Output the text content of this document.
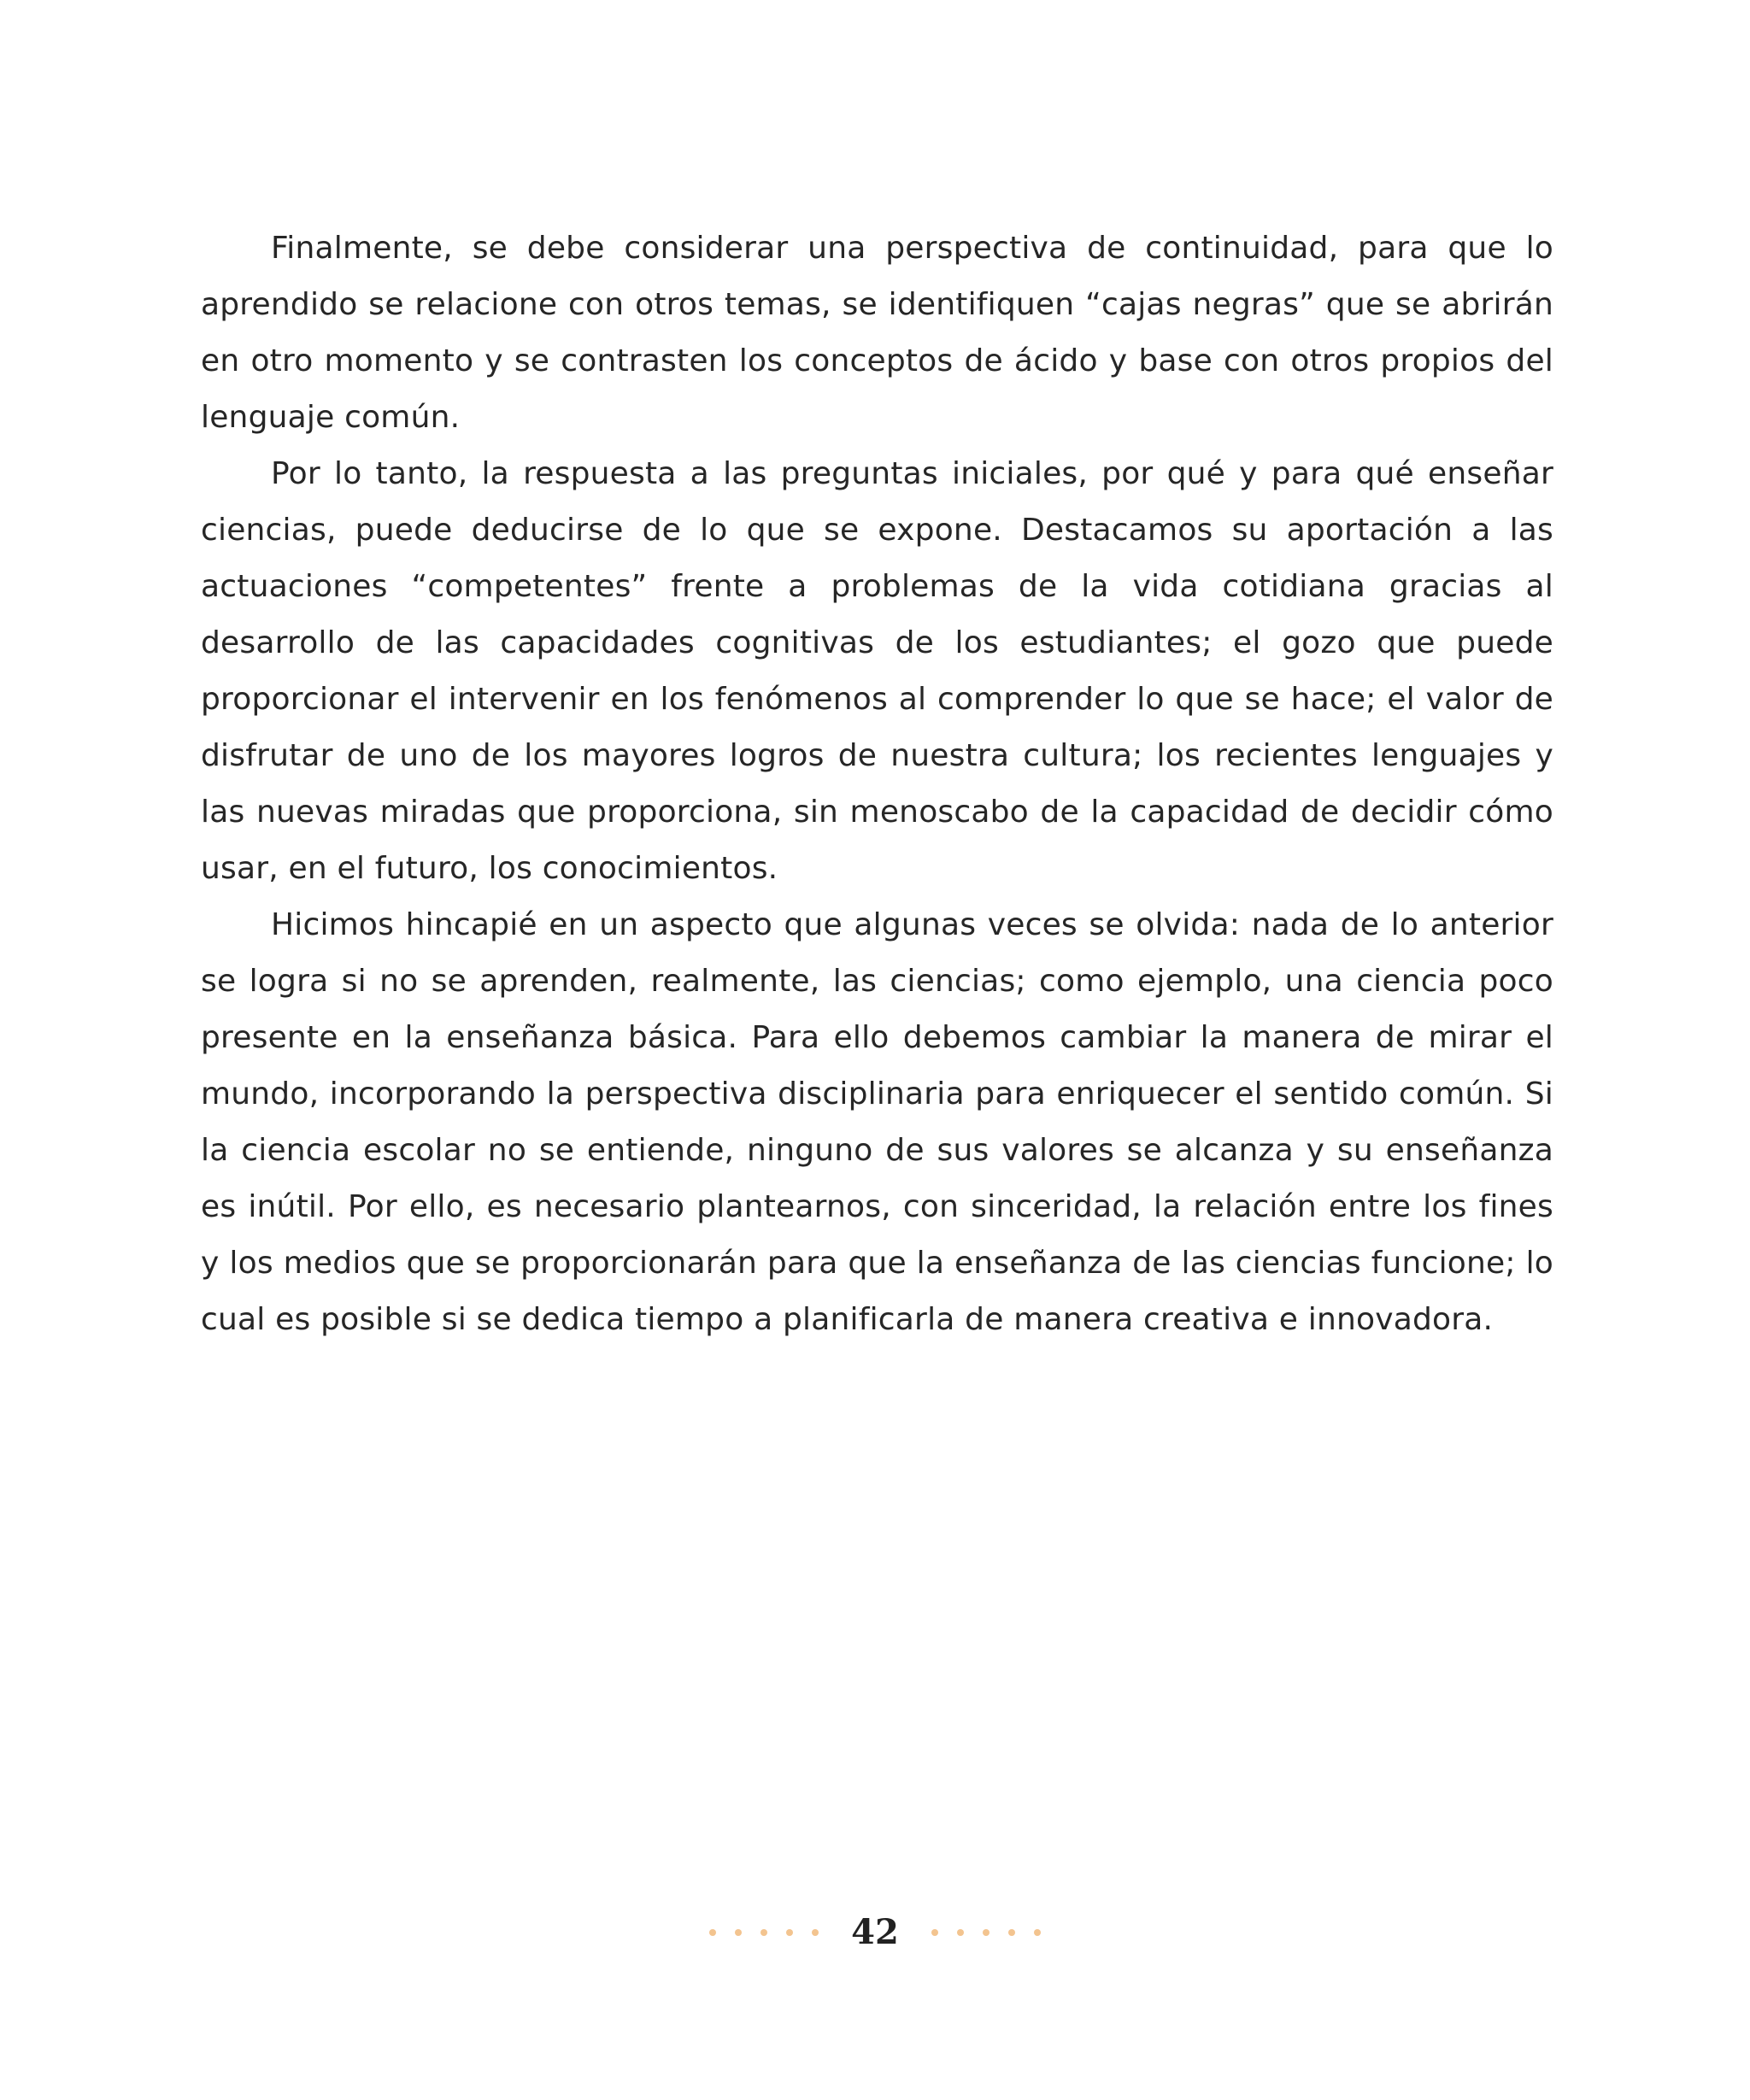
Finalmente, se debe considerar una perspectiva de continuidad, para que lo aprendido se relacione con otros temas, se identifiquen “cajas negras” que se abrirán en otro momento y se contrasten los conceptos de ácido y base con otros propios del lenguaje común.

Por lo tanto, la respuesta a las preguntas iniciales, por qué y para qué enseñar ciencias, puede deducirse de lo que se expone. Destacamos su aportación a las actuaciones “competentes” frente a problemas de la vida cotidiana gracias al desarrollo de las capacidades cognitivas de los estudiantes; el gozo que puede proporcionar el intervenir en los fenómenos al comprender lo que se hace; el valor de disfrutar de uno de los mayores logros de nuestra cultura; los recientes lenguajes y las nuevas miradas que proporciona, sin menoscabo de la capacidad de decidir cómo usar, en el futuro, los conocimientos.

Hicimos hincapié en un aspecto que algunas veces se olvida: nada de lo anterior se logra si no se aprenden, realmente, las ciencias; como ejemplo, una ciencia poco presente en la enseñanza básica. Para ello debemos cambiar la manera de mirar el mundo, incorporando la perspectiva disciplinaria para enriquecer el sentido común. Si la ciencia escolar no se entiende, ninguno de sus valores se alcanza y su enseñanza es inútil. Por ello, es necesario plantearnos, con sinceridad, la relación entre los fines y los medios que se proporcionarán para que la enseñanza de las ciencias funcione; lo cual es posible si se dedica tiempo a planificarla de manera creativa e innovadora.

42
